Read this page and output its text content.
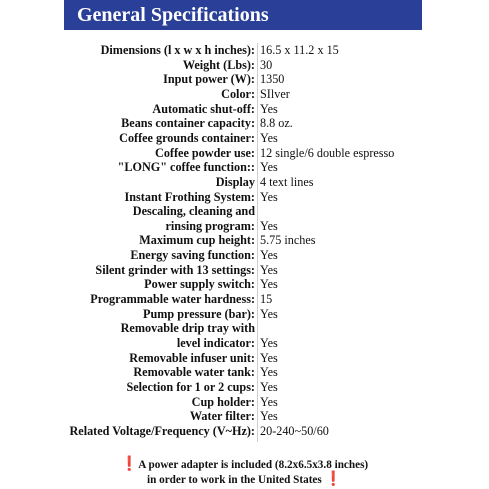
General Specifications
Dimensions (l x w x h inches): 16.5 x 11.2 x 15
Weight (Lbs): 30
Input power (W): 1350
Color: SIlver
Automatic shut-off: Yes
Beans container capacity: 8.8 oz.
Coffee grounds container: Yes
Coffee powder use: 12 single/6 double espresso
"LONG" coffee function:: Yes
Display 4 text lines
Instant Frothing System: Yes
Descaling, cleaning and
rinsing program: Yes
Maximum cup height: 5.75 inches
Energy saving function: Yes
Silent grinder with 13 settings: Yes
Power supply switch: Yes
Programmable water hardness: 15
Pump pressure (bar): Yes
Removable drip tray with
level indicator: Yes
Removable infuser unit: Yes
Removable water tank: Yes
Selection for 1 or 2 cups: Yes
Cup holder: Yes
Water filter: Yes
Related Voltage/Frequency (V~Hz): 20-240~50/60
❗A power adapter is included (8.2x6.5x3.8 inches)
in order to work in the United States ❗
